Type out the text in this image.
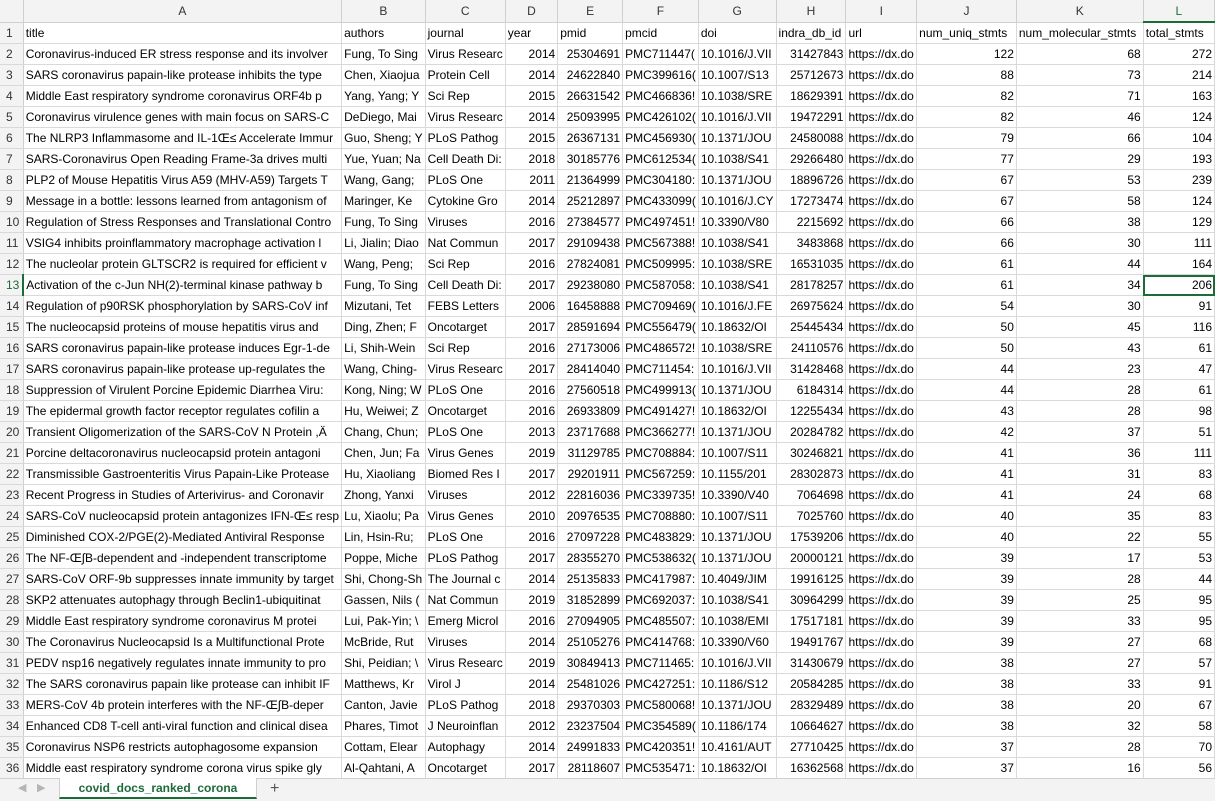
	A	B	C	D	E	F	G	H	I	J	K	L
1	title	authors	journal	year	pmid	pmcid	doi	indra_db_id	url	num_uniq_stmts	num_molecular_stmts	total_stmts
2	Coronavirus-induced ER stress response and its involver	Fung, To Sing	Virus Researc	2014	25304691	PMC711447(	10.1016/J.VII	31427843	https://dx.do	122	68	272
3	SARS coronavirus papain-like protease inhibits the type	Chen, Xiaojua	Protein Cell	2014	24622840	PMC399616(	10.1007/S13	25712673	https://dx.do	88	73	214
4	Middle East respiratory syndrome coronavirus ORF4b p	Yang, Yang; Y	Sci Rep	2015	26631542	PMC466836!	10.1038/SRE	18629391	https://dx.do	82	71	163
5	Coronavirus virulence genes with main focus on SARS-C	DeDiego, Mai	Virus Researc	2014	25093995	PMC426102(	10.1016/J.VII	19472291	https://dx.do	82	46	124
6	The NLRP3 Inflammasome and IL-1Œ≤ Accelerate Immur	Guo, Sheng; Y	PLoS Pathog	2015	26367131	PMC456930(	10.1371/JOU	24580088	https://dx.do	79	66	104
7	SARS-Coronavirus Open Reading Frame-3a drives multi	Yue, Yuan; Na	Cell Death Di:	2018	30185776	PMC612534(	10.1038/S41	29266480	https://dx.do	77	29	193
8	PLP2 of Mouse Hepatitis Virus A59 (MHV-A59) Targets T	Wang, Gang;	PLoS One	2011	21364999	PMC304180:	10.1371/JOU	18896726	https://dx.do	67	53	239
9	Message in a bottle: lessons learned from antagonism of	Maringer, Ke	Cytokine Gro	2014	25212897	PMC433099(	10.1016/J.CY	17273474	https://dx.do	67	58	124
10	Regulation of Stress Responses and Translational Contro	Fung, To Sing	Viruses	2016	27384577	PMC497451!	10.3390/V80	2215692	https://dx.do	66	38	129
11	VSIG4 inhibits proinflammatory macrophage activation l	Li, Jialin; Diao	Nat Commun	2017	29109438	PMC567388!	10.1038/S41	3483868	https://dx.do	66	30	111
12	The nucleolar protein GLTSCR2 is required for efficient v	Wang, Peng;	Sci Rep	2016	27824081	PMC509995:	10.1038/SRE	16531035	https://dx.do	61	44	164
13	Activation of the c-Jun NH(2)-terminal kinase pathway b	Fung, To Sing	Cell Death Di:	2017	29238080	PMC587058:	10.1038/S41	28178257	https://dx.do	61	34	206
14	Regulation of p90RSK phosphorylation by SARS-CoV inf	Mizutani, Tet	FEBS Letters	2006	16458888	PMC709469(	10.1016/J.FE	26975624	https://dx.do	54	30	91
15	The nucleocapsid proteins of mouse hepatitis virus and	Ding, Zhen; F	Oncotarget	2017	28591694	PMC556479(	10.18632/OI	25445434	https://dx.do	50	45	116
16	SARS coronavirus papain-like protease induces Egr-1-de	Li, Shih-Wein	Sci Rep	2016	27173006	PMC486572!	10.1038/SRE	24110576	https://dx.do	50	43	61
17	SARS coronavirus papain-like protease up-regulates the	Wang, Ching-	Virus Researc	2017	28414040	PMC711454:	10.1016/J.VII	31428468	https://dx.do	44	23	47
18	Suppression of Virulent Porcine Epidemic Diarrhea Viru:	Kong, Ning; W	PLoS One	2016	27560518	PMC499913(	10.1371/JOU	6184314	https://dx.do	44	28	61
19	The epidermal growth factor receptor regulates cofilin a	Hu, Weiwei; Z	Oncotarget	2016	26933809	PMC491427!	10.18632/OI	12255434	https://dx.do	43	28	98
20	Transient Oligomerization of the SARS-CoV N Protein ,Ä	Chang, Chun;	PLoS One	2013	23717688	PMC366277!	10.1371/JOU	20284782	https://dx.do	42	37	51
21	Porcine deltacoronavirus nucleocapsid protein antagoni	Chen, Jun; Fa	Virus Genes	2019	31129785	PMC708884:	10.1007/S11	30246821	https://dx.do	41	36	111
22	Transmissible Gastroenteritis Virus Papain-Like Protease	Hu, Xiaoliang	Biomed Res I	2017	29201911	PMC567259:	10.1155/201	28302873	https://dx.do	41	31	83
23	Recent Progress in Studies of Arterivirus- and Coronavir	Zhong, Yanxi	Viruses	2012	22816036	PMC339735!	10.3390/V40	7064698	https://dx.do	41	24	68
24	SARS-CoV nucleocapsid protein antagonizes IFN-Œ≤ resp	Lu, Xiaolu; Pa	Virus Genes	2010	20976535	PMC708880:	10.1007/S11	7025760	https://dx.do	40	35	83
25	Diminished COX-2/PGE(2)-Mediated Antiviral Response	Lin, Hsin-Ru;	PLoS One	2016	27097228	PMC483829:	10.1371/JOU	17539206	https://dx.do	40	22	55
26	The NF-Œ∫B-dependent and -independent transcriptome	Poppe, Miche	PLoS Pathog	2017	28355270	PMC538632(	10.1371/JOU	20000121	https://dx.do	39	17	53
27	SARS-CoV ORF-9b suppresses innate immunity by target	Shi, Chong-Sh	The Journal c	2014	25135833	PMC417987:	10.4049/JIM	19916125	https://dx.do	39	28	44
28	SKP2 attenuates autophagy through Beclin1-ubiquitinat	Gassen, Nils (	Nat Commun	2019	31852899	PMC692037:	10.1038/S41	30964299	https://dx.do	39	25	95
29	Middle East respiratory syndrome coronavirus M protei	Lui, Pak-Yin; \	Emerg Microl	2016	27094905	PMC485507:	10.1038/EMI	17517181	https://dx.do	39	33	95
30	The Coronavirus Nucleocapsid Is a Multifunctional Prote	McBride, Rut	Viruses	2014	25105276	PMC414768:	10.3390/V60	19491767	https://dx.do	39	27	68
31	PEDV nsp16 negatively regulates innate immunity to pro	Shi, Peidian; \	Virus Researc	2019	30849413	PMC711465:	10.1016/J.VII	31430679	https://dx.do	38	27	57
32	The SARS coronavirus papain like protease can inhibit IF	Matthews, Kr	Virol J	2014	25481026	PMC427251:	10.1186/S12	20584285	https://dx.do	38	33	91
33	MERS-CoV 4b protein interferes with the NF-Œ∫B-deper	Canton, Javie	PLoS Pathog	2018	29370303	PMC580068!	10.1371/JOU	28329489	https://dx.do	38	20	67
34	Enhanced CD8 T-cell anti-viral function and clinical disea	Phares, Timot	J Neuroinflan	2012	23237504	PMC354589(	10.1186/174	10664627	https://dx.do	38	32	58
35	Coronavirus NSP6 restricts autophagosome expansion	Cottam, Elear	Autophagy	2014	24991833	PMC420351!	10.4161/AUT	27710425	https://dx.do	37	28	70
36	Middle east respiratory syndrome corona virus spike gly	Al-Qahtani, A	Oncotarget	2017	28118607	PMC535471:	10.18632/OI	16362568	https://dx.do	37	16	56

◀ ▶	covid_docs_ranked_corona	+
